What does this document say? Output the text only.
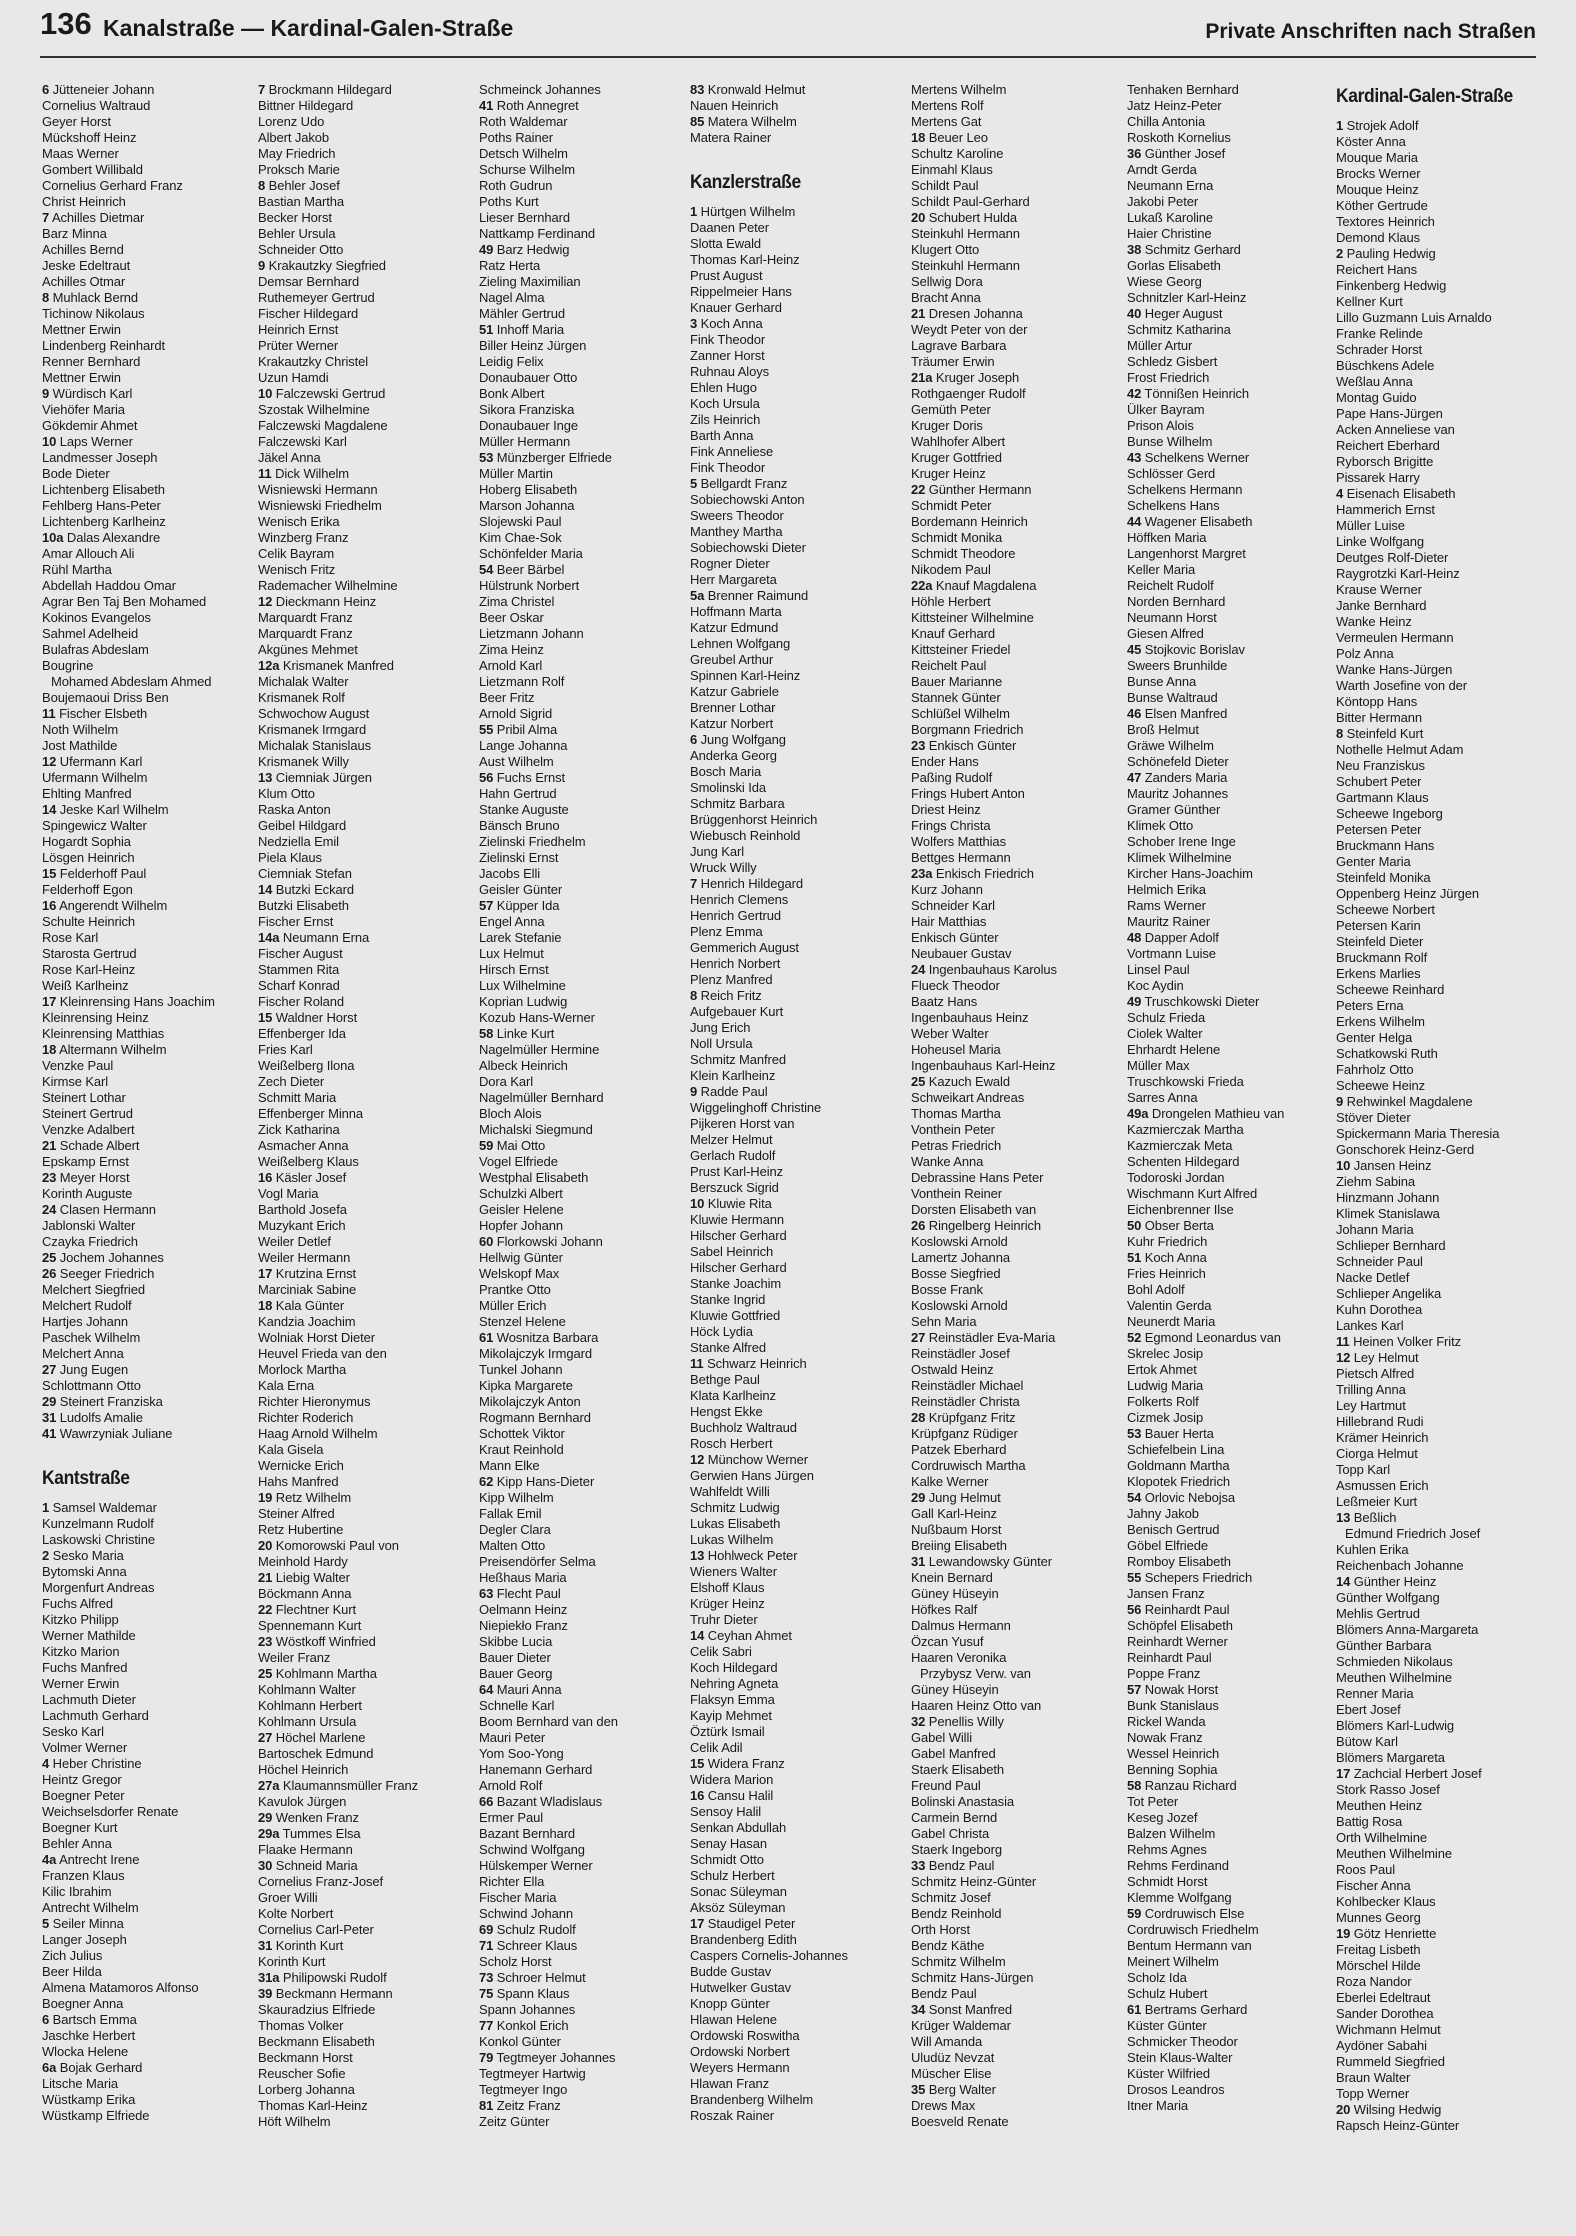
136 Kanalstraße — Kardinal-Galen-Straße	Private Anschriften nach Straßen
6 Jütteneier Johann
Cornelius Waltraud
Geyer Horst
Mückshoff Heinz
Maas Werner
Gombert Willibald
Cornelius Gerhard Franz
Christ Heinrich
7 Achilles Dietmar
Barz Minna
Achilles Bernd
Jeske Edeltraut
Achilles Otmar
8 Muhlack Bernd
Tichinow Nikolaus
Mettner Erwin
Lindenberg Reinhardt
Renner Bernhard
Mettner Erwin
9 Würdisch Karl
Viehöfer Maria
Gökdemir Ahmet
10 Laps Werner
Landmesser Joseph
Bode Dieter
Lichtenberg Elisabeth
Fehlberg Hans-Peter
Lichtenberg Karlheinz
10a Dalas Alexandre
Amar Allouch Ali
Rühl Martha
Abdellah Haddou Omar
Agrar Ben Taj Ben Mohamed
Kokinos Evangelos
Sahmel Adelheid
Bulafras Abdeslam
Bougrine
Mohamed Abdeslam Ahmed
Boujemaoui Driss Ben
11 Fischer Elsbeth
Noth Wilhelm
Jost Mathilde
12 Ufermann Karl
Ufermann Wilhelm
Ehlting Manfred
14 Jeske Karl Wilhelm
Spingewicz Walter
Hogardt Sophia
Lösgen Heinrich
15 Felderhoff Paul
Felderhoff Egon
16 Angerendt Wilhelm
Schulte Heinrich
Rose Karl
Starosta Gertrud
Rose Karl-Heinz
Weiß Karlheinz
17 Kleinrensing Hans Joachim
Kleinrensing Heinz
Kleinrensing Matthias
18 Altermann Wilhelm
Venzke Paul
Kirmse Karl
Steinert Lothar
Steinert Gertrud
Venzke Adalbert
21 Schade Albert
Epskamp Ernst
23 Meyer Horst
Korinth Auguste
24 Clasen Hermann
Jablonski Walter
Czayka Friedrich
25 Jochem Johannes
26 Seeger Friedrich
Melchert Siegfried
Melchert Rudolf
Hartjes Johann
Paschek Wilhelm
Melchert Anna
27 Jung Eugen
Schlottmann Otto
29 Steinert Franziska
31 Ludolfs Amalie
41 Wawrzyniak Juliane
Kantstraße
1 Samsel Waldemar
Kunzelmann Rudolf
Laskowski Christine
2 Sesko Maria
Bytomski Anna
Morgenfurt Andreas
Fuchs Alfred
Kitzko Philipp
Werner Mathilde
Kitzko Marion
Fuchs Manfred
Werner Erwin
Lachmuth Dieter
Lachmuth Gerhard
Sesko Karl
Volmer Werner
4 Heber Christine
Heintz Gregor
Boegner Peter
Weichselsdorfer Renate
Boegner Kurt
Behler Anna
4a Antrecht Irene
Franzen Klaus
Kilic Ibrahim
Antrecht Wilhelm
5 Seiler Minna
Langer Joseph
Zich Julius
Beer Hilda
Almena Matamoros Alfonso
Boegner Anna
6 Bartsch Emma
Jaschke Herbert
Wlocka Helene
6a Bojak Gerhard
Litsche Maria
Wüstkamp Erika
Wüstkamp Elfriede
7 Brockmann Hildegard
Bittner Hildegard
Lorenz Udo
Albert Jakob
May Friedrich
Proksch Marie
8 Behler Josef
Bastian Martha
Becker Horst
Behler Ursula
Schneider Otto
9 Krakautzky Siegfried
Demsar Bernhard
Ruthemeyer Gertrud
Fischer Hildegard
Heinrich Ernst
Prüter Werner
Krakautzky Christel
Uzun Hamdi
10 Falczewski Gertrud
Szostak Wilhelmine
Falczewski Magdalene
Falczewski Karl
Jäkel Anna
11 Dick Wilhelm
Wisniewski Hermann
Wisniewski Friedhelm
Wenisch Erika
Winzberg Franz
Celik Bayram
Wenisch Fritz
Rademacher Wilhelmine
12 Dieckmann Heinz
Marquardt Franz
Marquardt Franz
Akgünes Mehmet
12a Krismanek Manfred
Michalak Walter
Krismanek Rolf
Schwochow August
Krismanek Irmgard
Michalak Stanislaus
Krismanek Willy
13 Ciemniak Jürgen
Klum Otto
Raska Anton
Geibel Hildgard
Nedziella Emil
Piela Klaus
Ciemniak Stefan
14 Butzki Eckard
Butzki Elisabeth
Fischer Ernst
14a Neumann Erna
Fischer August
Stammen Rita
Scharf Konrad
Fischer Roland
15 Waldner Horst
Effenberger Ida
Fries Karl
Weißelberg Ilona
Zech Dieter
Schmitt Maria
Effenberger Minna
Zick Katharina
Asmacher Anna
Weißelberg Klaus
16 Käsler Josef
Vogl Maria
Barthold Josefa
Muzykant Erich
Weiler Detlef
Weiler Hermann
17 Krutzina Ernst
Marciniak Sabine
18 Kala Günter
Kandzia Joachim
Wolniak Horst Dieter
Heuvel Frieda van den
Morlock Martha
Kala Erna
Richter Hieronymus
Richter Roderich
Haag Arnold Wilhelm
Kala Gisela
Wernicke Erich
Hahs Manfred
19 Retz Wilhelm
Steiner Alfred
Retz Hubertine
20 Komorowski Paul von
Meinhold Hardy
21 Liebig Walter
Böckmann Anna
22 Flechtner Kurt
Spennemann Kurt
23 Wöstkoff Winfried
Weiler Franz
25 Kohlmann Martha
Kohlmann Walter
Kohlmann Herbert
Kohlmann Ursula
27 Höchel Marlene
Bartoschek Edmund
Höchel Heinrich
27a Klaumannsmüller Franz
Kavulok Jürgen
29 Wenken Franz
29a Tummes Elsa
Flaake Hermann
30 Schneid Maria
Cornelius Franz-Josef
Groer Willi
Kolte Norbert
Cornelius Carl-Peter
31 Korinth Kurt
Korinth Kurt
31a Philipowski Rudolf
39 Beckmann Hermann
Skauradzius Elfriede
Thomas Volker
Beckmann Elisabeth
Beckmann Horst
Reuscher Sofie
Lorberg Johanna
Thomas Karl-Heinz
Höft Wilhelm
Schmeinck Johannes
41 Roth Annegret
Roth Waldemar
Poths Rainer
Detsch Wilhelm
Schurse Wilhelm
Roth Gudrun
Poths Kurt
Lieser Bernhard
Nattkamp Ferdinand
49 Barz Hedwig
Ratz Herta
Zieling Maximilian
Nagel Alma
Mähler Gertrud
51 Inhoff Maria
Biller Heinz Jürgen
Leidig Felix
Donaubauer Otto
Bonk Albert
Sikora Franziska
Donaubauer Inge
Müller Hermann
53 Münzberger Elfriede
Müller Martin
Hoberg Elisabeth
Marson Johanna
Slojewski Paul
Kim Chae-Sok
Schönfelder Maria
54 Beer Bärbel
Hülstrunk Norbert
Zima Christel
Beer Oskar
Lietzmann Johann
Zima Heinz
Arnold Karl
Lietzmann Rolf
Beer Fritz
Arnold Sigrid
55 Pribil Alma
Lange Johanna
Aust Wilhelm
56 Fuchs Ernst
Hahn Gertrud
Stanke Auguste
Bänsch Bruno
Zielinski Friedhelm
Zielinski Ernst
Jacobs Elli
Geisler Günter
57 Küpper Ida
Engel Anna
Larek Stefanie
Lux Helmut
Hirsch Ernst
Lux Wilhelmine
Koprian Ludwig
Kozub Hans-Werner
58 Linke Kurt
Nagelmüller Hermine
Albeck Heinrich
Dora Karl
Nagelmüller Bernhard
Bloch Alois
Michalski Siegmund
59 Mai Otto
Vogel Elfriede
Westphal Elisabeth
Schulzki Albert
Geisler Helene
Hopfer Johann
60 Florkowski Johann
Hellwig Günter
Welskopf Max
Prantke Otto
Müller Erich
Stenzel Helene
61 Wosnitza Barbara
Mikolajczyk Irmgard
Tunkel Johann
Kipka Margarete
Mikolajczyk Anton
Rogmann Bernhard
Schottek Viktor
Kraut Reinhold
Mann Elke
62 Kipp Hans-Dieter
Kipp Wilhelm
Fallak Emil
Degler Clara
Malten Otto
Preisendörfer Selma
Heßhaus Maria
63 Flecht Paul
Oelmann Heinz
Niepiekło Franz
Skibbe Lucia
Bauer Dieter
Bauer Georg
64 Mauri Anna
Schnelle Karl
Boom Bernhard van den
Mauri Peter
Yom Soo-Yong
Hanemann Gerhard
Arnold Rolf
66 Bazant Wladislaus
Ermer Paul
Bazant Bernhard
Schwind Wolfgang
Hülskemper Werner
Richter Ella
Fischer Maria
Schwind Johann
69 Schulz Rudolf
71 Schreer Klaus
Scholz Horst
73 Schroer Helmut
75 Spann Klaus
Spann Johannes
77 Konkol Erich
Konkol Günter
79 Tegtmeyer Johannes
Tegtmeyer Hartwig
Tegtmeyer Ingo
81 Zeitz Franz
Zeitz Günter
83 Kronwald Helmut
Nauen Heinrich
85 Matera Wilhelm
Matera Rainer
Kanzlerstraße
1 Hürtgen Wilhelm
Daanen Peter
Slotta Ewald
Thomas Karl-Heinz
Prust August
Rippelmeier Hans
Knauer Gerhard
3 Koch Anna
Fink Theodor
Zanner Horst
Ruhnau Aloys
Ehlen Hugo
Koch Ursula
Zils Heinrich
Barth Anna
Fink Anneliese
Fink Theodor
5 Bellgardt Franz
Sobiechowski Anton
Sweers Theodor
Manthey Martha
Sobiechowski Dieter
Rogner Dieter
Herr Margareta
5a Brenner Raimund
Hoffmann Marta
Katzur Edmund
Lehnen Wolfgang
Greubel Arthur
Spinnen Karl-Heinz
Katzur Gabriele
Brenner Lothar
Katzur Norbert
6 Jung Wolfgang
Anderka Georg
Bosch Maria
Smolinski Ida
Schmitz Barbara
Brüggenhorst Heinrich
Wiebusch Reinhold
Jung Karl
Wruck Willy
7 Henrich Hildegard
Henrich Clemens
Henrich Gertrud
Plenz Emma
Gemmerich August
Henrich Norbert
Plenz Manfred
8 Reich Fritz
Aufgebauer Kurt
Jung Erich
Noll Ursula
Schmitz Manfred
Klein Karlheinz
9 Radde Paul
Wiggelinghoff Christine
Pijkeren Horst van
Melzer Helmut
Gerlach Rudolf
Prust Karl-Heinz
Berszuck Sigrid
10 Kluwie Rita
Kluwie Hermann
Hilscher Gerhard
Sabel Heinrich
Hilscher Gerhard
Stanke Joachim
Stanke Ingrid
Kluwie Gottfried
Höck Lydia
Stanke Alfred
11 Schwarz Heinrich
Bethge Paul
Klata Karlheinz
Hengst Ekke
Buchholz Waltraud
Rosch Herbert
12 Münchow Werner
Gerwien Hans Jürgen
Wahlfeldt Willi
Schmitz Ludwig
Lukas Elisabeth
Lukas Wilhelm
13 Hohlweck Peter
Wieners Walter
Elshoff Klaus
Krüger Heinz
Truhr Dieter
14 Ceyhan Ahmet
Celik Sabri
Koch Hildegard
Nehring Agneta
Flaksyn Emma
Kayip Mehmet
Öztürk Ismail
Celik Adil
15 Widera Franz
Widera Marion
16 Cansu Halil
Sensoy Halil
Senkan Abdullah
Senay Hasan
Schmidt Otto
Schulz Herbert
Sonac Süleyman
Aksöz Süleyman
17 Staudigel Peter
Brandenberg Edith
Caspers Cornelis-Johannes
Budde Gustav
Hutwelker Gustav
Knopp Günter
Hlawan Helene
Ordowski Roswitha
Ordowski Norbert
Weyers Hermann
Hlawan Franz
Brandenberg Wilhelm
Roszak Rainer
Mertens Wilhelm
Mertens Rolf
Mertens Gat
18 Beuer Leo
Schultz Karoline
Einmahl Klaus
Schildt Paul
Schildt Paul-Gerhard
20 Schubert Hulda
Steinkuhl Hermann
Klugert Otto
Steinkuhl Hermann
Sellwig Dora
Bracht Anna
21 Dresen Johanna
Weydt Peter von der
Lagrave Barbara
Träumer Erwin
21a Kruger Joseph
Rothgaenger Rudolf
Gemüth Peter
Kruger Doris
Wahlhofer Albert
Kruger Gottfried
Kruger Heinz
22 Günther Hermann
Schmidt Peter
Bordemann Heinrich
Schmidt Monika
Schmidt Theodore
Nikodem Paul
22a Knauf Magdalena
Höhle Herbert
Kittsteiner Wilhelmine
Knauf Gerhard
Kittsteiner Friedel
Reichelt Paul
Bauer Marianne
Stannek Günter
Schlüßel Wilhelm
Borgmann Friedrich
23 Enkisch Günter
Ender Hans
Paßing Rudolf
Frings Hubert Anton
Driest Heinz
Frings Christa
Wolfers Matthias
Bettges Hermann
23a Enkisch Friedrich
Kurz Johann
Schneider Karl
Hair Matthias
Enkisch Günter
Neubauer Gustav
24 Ingenbauhaus Karolus
Flueck Theodor
Baatz Hans
Ingenbauhaus Heinz
Weber Walter
Hoheusel Maria
Ingenbauhaus Karl-Heinz
25 Kazuch Ewald
Schweikart Andreas
Thomas Martha
Vonthein Peter
Petras Friedrich
Wanke Anna
Debrassine Hans Peter
Vonthein Reiner
Dorsten Elisabeth van
26 Ringelberg Heinrich
Koslowski Arnold
Lamertz Johanna
Bosse Siegfried
Bosse Frank
Koslowski Arnold
Sehn Maria
27 Reinstädler Eva-Maria
Reinstädler Josef
Ostwald Heinz
Reinstädler Michael
Reinstädler Christa
28 Krüpfganz Fritz
Krüpfganz Rüdiger
Patzek Eberhard
Cordruwisch Martha
Kalke Werner
29 Jung Helmut
Gall Karl-Heinz
Nußbaum Horst
Breiing Elisabeth
31 Lewandowsky Günter
Knein Bernard
Güney Hüseyin
Höfkes Ralf
Dalmus Hermann
Özcan Yusuf
Haaren Veronika
Przybysz Verw. van
Güney Hüseyin
Haaren Heinz Otto van
32 Penellis Willy
Gabel Willi
Gabel Manfred
Staerk Elisabeth
Freund Paul
Bolinski Anastasia
Carmein Bernd
Gabel Christa
Staerk Ingeborg
33 Bendz Paul
Schmitz Heinz-Günter
Schmitz Josef
Bendz Reinhold
Orth Horst
Bendz Käthe
Schmitz Wilhelm
Schmitz Hans-Jürgen
Bendz Paul
34 Sonst Manfred
Krüger Waldemar
Will Amanda
Uludüz Nevzat
Müscher Elise
35 Berg Walter
Drews Max
Boesveld Renate
Tenhaken Bernhard
Jatz Heinz-Peter
Chilla Antonia
Roskoth Kornelius
36 Günther Josef
Arndt Gerda
Neumann Erna
Jakobi Peter
Lukaß Karoline
Haier Christine
38 Schmitz Gerhard
Gorlas Elisabeth
Wiese Georg
Schnitzler Karl-Heinz
40 Heger August
Schmitz Katharina
Müller Artur
Schledz Gisbert
Frost Friedrich
42 Tönnißen Heinrich
Ülker Bayram
Prison Alois
Bunse Wilhelm
43 Schelkens Werner
Schlösser Gerd
Schelkens Hermann
Schelkens Hans
44 Wagener Elisabeth
Höffken Maria
Langenhorst Margret
Keller Maria
Reichelt Rudolf
Norden Bernhard
Neumann Horst
Giesen Alfred
45 Stojkovic Borislav
Sweers Brunhilde
Bunse Anna
Bunse Waltraud
46 Elsen Manfred
Broß Helmut
Gräwe Wilhelm
Schönefeld Dieter
47 Zanders Maria
Mauritz Johannes
Gramer Günther
Klimek Otto
Schober Irene Inge
Klimek Wilhelmine
Kircher Hans-Joachim
Helmich Erika
Rams Werner
Mauritz Rainer
48 Dapper Adolf
Vortmann Luise
Linsel Paul
Koc Aydin
49 Truschkowski Dieter
Schulz Frieda
Ciolek Walter
Ehrhardt Helene
Müller Max
Truschkowski Frieda
Sarres Anna
49a Drongelen Mathieu van
Kazmierczak Martha
Kazmierczak Meta
Schenten Hildegard
Todoroski Jordan
Wischmann Kurt Alfred
Eichenbrenner Ilse
50 Obser Berta
Kuhr Friedrich
51 Koch Anna
Fries Heinrich
Bohl Adolf
Valentin Gerda
Neunerdt Maria
52 Egmond Leonardus van
Skrelec Josip
Ertok Ahmet
Ludwig Maria
Folkerts Rolf
Cizmek Josip
53 Bauer Herta
Schiefelbein Lina
Goldmann Martha
Klopotek Friedrich
54 Orlovic Nebojsa
Jahny Jakob
Benisch Gertrud
Göbel Elfriede
Romboy Elisabeth
55 Schepers Friedrich
Jansen Franz
56 Reinhardt Paul
Schöpfel Elisabeth
Reinhardt Werner
Reinhardt Paul
Poppe Franz
57 Nowak Horst
Bunk Stanislaus
Rickel Wanda
Nowak Franz
Wessel Heinrich
Benning Sophia
58 Ranzau Richard
Tot Peter
Keseg Jozef
Balzen Wilhelm
Rehms Agnes
Rehms Ferdinand
Schmidt Horst
Klemme Wolfgang
59 Cordruwisch Else
Cordruwisch Friedhelm
Bentum Hermann van
Meinert Wilhelm
Scholz Ida
Schulz Hubert
61 Bertrams Gerhard
Küster Günter
Schmicker Theodor
Stein Klaus-Walter
Küster Wilfried
Drosos Leandros
Itner Maria
Kardinal-Galen-Straße
1 Strojek Adolf
Köster Anna
Mouque Maria
Brocks Werner
Mouque Heinz
Köther Gertrude
Textores Heinrich
Demond Klaus
2 Pauling Hedwig
Reichert Hans
Finkenberg Hedwig
Kellner Kurt
Lillo Guzmann Luis Arnaldo
Franke Relinde
Schrader Horst
Büschkens Adele
Weßlau Anna
Montag Guido
Pape Hans-Jürgen
Acken Anneliese van
Reichert Eberhard
Ryborsch Brigitte
Pissarek Harry
4 Eisenach Elisabeth
Hammerich Ernst
Müller Luise
Linke Wolfgang
Deutges Rolf-Dieter
Raygrotzki Karl-Heinz
Krause Werner
Janke Bernhard
Wanke Heinz
Vermeulen Hermann
Polz Anna
Wanke Hans-Jürgen
Warth Josefine von der
Köntopp Hans
Bitter Hermann
8 Steinfeld Kurt
Nothelle Helmut Adam
Neu Franziskus
Schubert Peter
Gartmann Klaus
Scheewe Ingeborg
Petersen Peter
Bruckmann Hans
Genter Maria
Steinfeld Monika
Oppenberg Heinz Jürgen
Scheewe Norbert
Petersen Karin
Steinfeld Dieter
Bruckmann Rolf
Erkens Marlies
Scheewe Reinhard
Peters Erna
Erkens Wilhelm
Genter Helga
Schatkowski Ruth
Fahrholz Otto
Scheewe Heinz
9 Rehwinkel Magdalene
Stöver Dieter
Spickermann Maria Theresia
Gonschorek Heinz-Gerd
10 Jansen Heinz
Ziehm Sabina
Hinzmann Johann
Klimek Stanislawa
Johann Maria
Schlieper Bernhard
Schneider Paul
Nacke Detlef
Schlieper Angelika
Kuhn Dorothea
Lankes Karl
11 Heinen Volker Fritz
12 Ley Helmut
Pietsch Alfred
Trilling Anna
Ley Hartmut
Hillebrand Rudi
Krämer Heinrich
Ciorga Helmut
Topp Karl
Asmussen Erich
Leßmeier Kurt
13 Beßlich
Edmund Friedrich Josef
Kuhlen Erika
Reichenbach Johanne
14 Günther Heinz
Günther Wolfgang
Mehlis Gertrud
Blömers Anna-Margareta
Günther Barbara
Schmieden Nikolaus
Meuthen Wilhelmine
Renner Maria
Ebert Josef
Blömers Karl-Ludwig
Bütow Karl
Blömers Margareta
17 Zachcial Herbert Josef
Stork Rasso Josef
Meuthen Heinz
Battig Rosa
Orth Wilhelmine
Meuthen Wilhelmine
Roos Paul
Fischer Anna
Kohlbecker Klaus
Munnes Georg
19 Götz Henriette
Freitag Lisbeth
Mörschel Hilde
Roza Nandor
Eberlei Edeltraut
Sander Dorothea
Wichmann Helmut
Aydöner Sabahi
Rummeld Siegfried
Braun Walter
Topp Werner
20 Wilsing Hedwig
Rapsch Heinz-Günter
